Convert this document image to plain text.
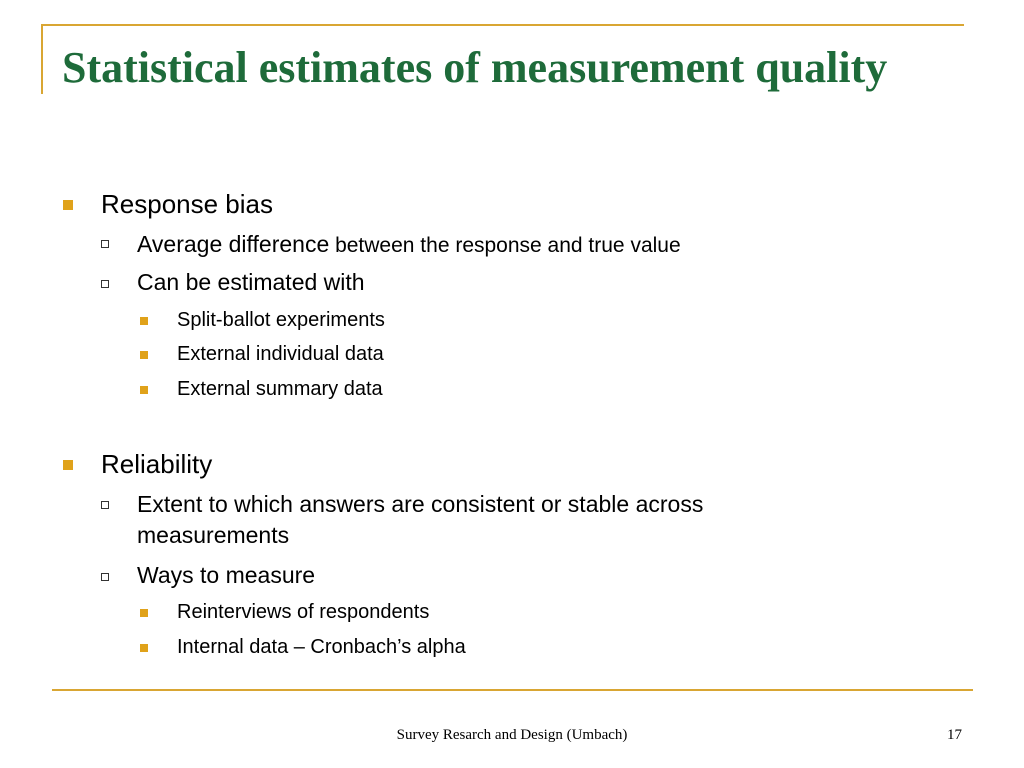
Statistical estimates of measurement quality
Response bias
Average difference between the response and true value
Can be estimated with
Split-ballot experiments
External individual data
External summary data
Reliability
Extent to which answers are consistent or stable across measurements
Ways to measure
Reinterviews of respondents
Internal data – Cronbach’s alpha
Survey Resarch and Design (Umbach)	17
